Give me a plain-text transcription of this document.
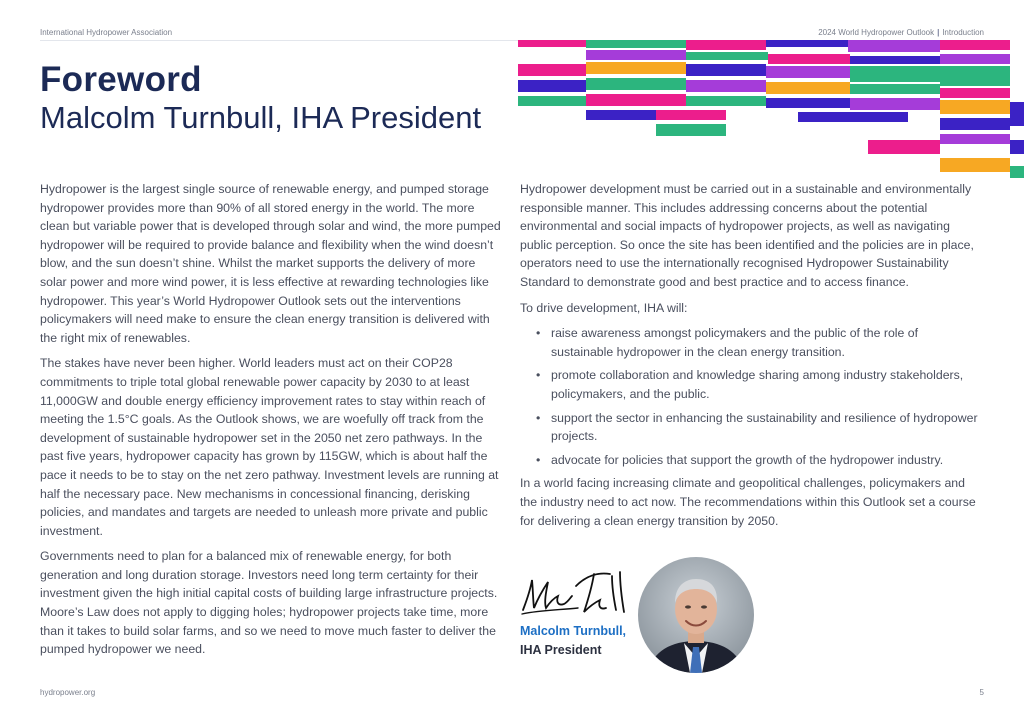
International Hydropower Association	2024 World Hydropower Outlook | Introduction
Foreword
Malcolm Turnbull, IHA President

Hydropower is the largest single source of renewable energy, and pumped storage hydropower provides more than 90% of all stored energy in the world. The more clean but variable power that is developed through solar and wind, the more pumped hydropower will be required to provide balance and flexibility when the wind doesn’t blow, and the sun doesn’t shine. Whilst the market supports the delivery of more solar power and more wind power, it is less effective at rewarding technologies like hydropower. This year’s World Hydropower Outlook sets out the interventions policymakers will need make to ensure the clean energy transition is delivered with the right mix of renewables.

The stakes have never been higher. World leaders must act on their COP28 commitments to triple total global renewable power capacity by 2030 to at least 11,000GW and double energy efficiency improvement rates to stay within reach of meeting the 1.5°C goals. As the Outlook shows, we are woefully off track from the development of sustainable hydropower set in the 2050 net zero pathways. In the past five years, hydropower capacity has grown by 115GW, which is about half the pace it needs to be to stay on the net zero pathway. Investment levels are running at half the necessary pace. New mechanisms in concessional financing, derisking policies, and mandates and targets are needed to unleash more private and public investment.

Governments need to plan for a balanced mix of renewable energy, for both generation and long duration storage. Investors need long term certainty for their investment given the high initial capital costs of building large infrastructure projects. Moore’s Law does not apply to digging holes; hydropower projects take time, more than it takes to build solar farms, and so we need to move much faster to deliver the pumped hydropower we need.

Hydropower development must be carried out in a sustainable and environmentally responsible manner. This includes addressing concerns about the potential environmental and social impacts of hydropower projects, as well as navigating public perception. So once the site has been identified and the policies are in place, operators need to use the internationally recognised Hydropower Sustainability Standard to demonstrate good and best practice and to access finance.

To drive development, IHA will:

• raise awareness amongst policymakers and the public of the role of sustainable hydropower in the clean energy transition.
• promote collaboration and knowledge sharing among industry stakeholders, policymakers, and the public.
• support the sector in enhancing the sustainability and resilience of hydropower projects.
• advocate for policies that support the growth of the hydropower industry.

In a world facing increasing climate and geopolitical challenges, policymakers and the industry need to act now. The recommendations within this Outlook set a course for delivering a clean energy transition by 2050.

Malcolm Turnbull,
IHA President
hydropower.org	5
